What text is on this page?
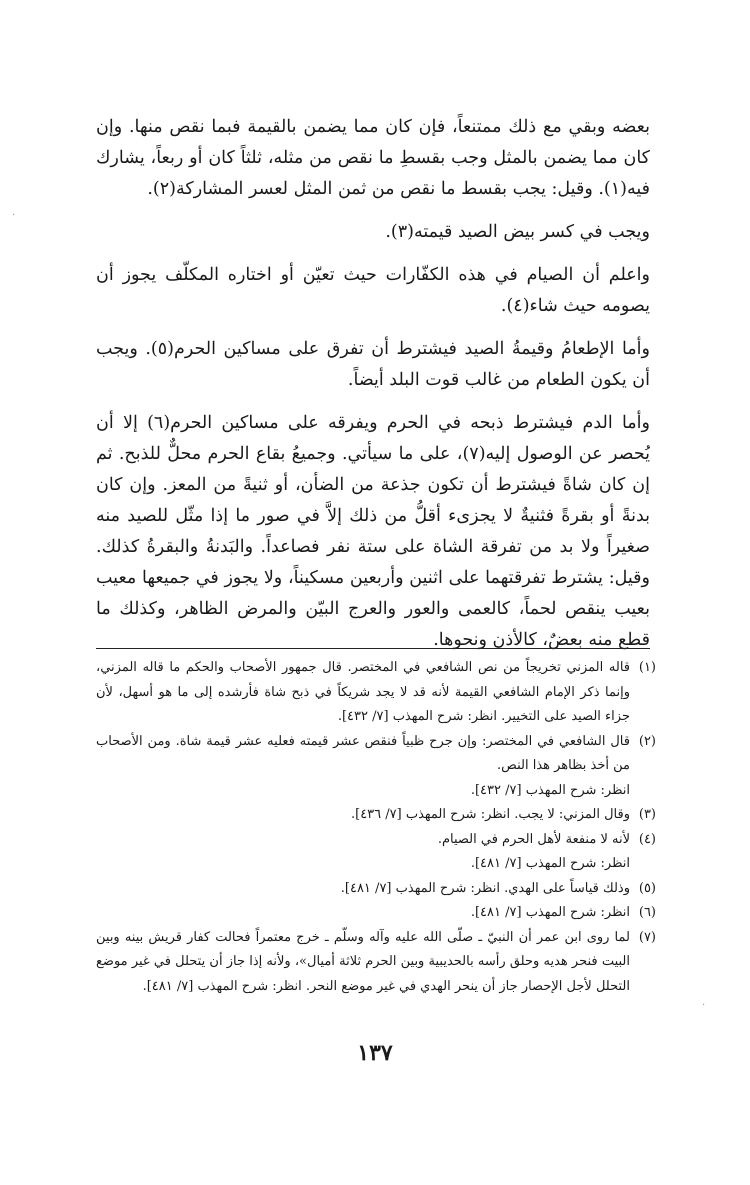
بعضه وبقي مع ذلك ممتنعاً، فإن كان مما يضمن بالقيمة فبما نقص منها. وإن كان مما يضمن بالمثل وجب بقسطِ ما نقص من مثله، ثلثاً كان أو ربعاً، يشارك فيه(١). وقيل: يجب بقسط ما نقص من ثمن المثل لعسر المشاركة(٢).

ويجب في كسر بيض الصيد قيمته(٣).

واعلم أن الصيام في هذه الكفّارات حيث تعيّن أو اختاره المكلّف يجوز أن يصومه حيث شاء(٤).

وأما الإطعامُ وقيمةُ الصيد فيشترط أن تفرق على مساكين الحرم(٥). ويجب أن يكون الطعام من غالب قوت البلد أيضاً.

وأما الدم فيشترط ذبحه في الحرم ويفرقه على مساكين الحرم(٦) إلا أن يُحصر عن الوصول إليه(٧)، على ما سيأتي. وجميعُ بقاع الحرم محلٌّ للذبح. ثم إن كان شاةً فيشترط أن تكون جذعة من الضأن، أو ثنيةً من المعز. وإن كان بدنةً أو بقرةً فثنيةٌ لا يجزىء أقلُّ من ذلك إلاَّ في صور ما إذا مثّل للصيد منه صغيراً ولا بد من تفرقة الشاة على ستة نفر فصاعداً. والبَدنةُ والبقرةُ كذلك. وقيل: يشترط تفرقتهما على اثنين وأربعين مسكيناً، ولا يجوز في جميعها معيب بعيب ينقص لحماً، كالعمى والعور والعرج البيّن والمرض الظاهر، وكذلك ما قطع منه بعضٌ، كالأذن ونحوها.

(١)
قاله المزني تخريجاً من نص الشافعي في المختصر. قال جمهور الأصحاب والحكم ما قاله المزني، وإنما ذكر الإمام الشافعي القيمة لأنه قد لا يجد شريكاً في ذبح شاة فأرشده إلى ما هو أسهل، لأن جزاء الصيد على التخيير. انظر: شرح المهذب [٧/ ٤٣٢].
(٢)
قال الشافعي في المختصر: وإن جرح ظبياً فنقص عشر قيمته فعليه عشر قيمة شاة. ومن الأصحاب من أخذ بظاهر هذا النص.
انظر: شرح المهذب [٧/ ٤٣٢].
(٣)
وقال المزني: لا يجب. انظر: شرح المهذب [٧/ ٤٣٦].
(٤)
لأنه لا منفعة لأهل الحرم في الصيام.
انظر: شرح المهذب [٧/ ٤٨١].
(٥)
وذلك قياساً على الهدي. انظر: شرح المهذب [٧/ ٤٨١].
(٦)
انظر: شرح المهذب [٧/ ٤٨١].
(٧)
لما روى ابن عمر أن النبيّ ـ صلّى الله عليه وآله وسلّم ـ خرج معتمراً فحالت كفار قريش بينه وبين البيت فنحر هديه وحلق رأسه بالحديبية وبين الحرم ثلاثة أميال»، ولأنه إذا جاز أن يتحلل في غير موضع التحلل لأجل الإحصار جاز أن ينحر الهدي في غير موضع النحر. انظر: شرح المهذب [٧/ ٤٨١].
١٣٧
·
·
